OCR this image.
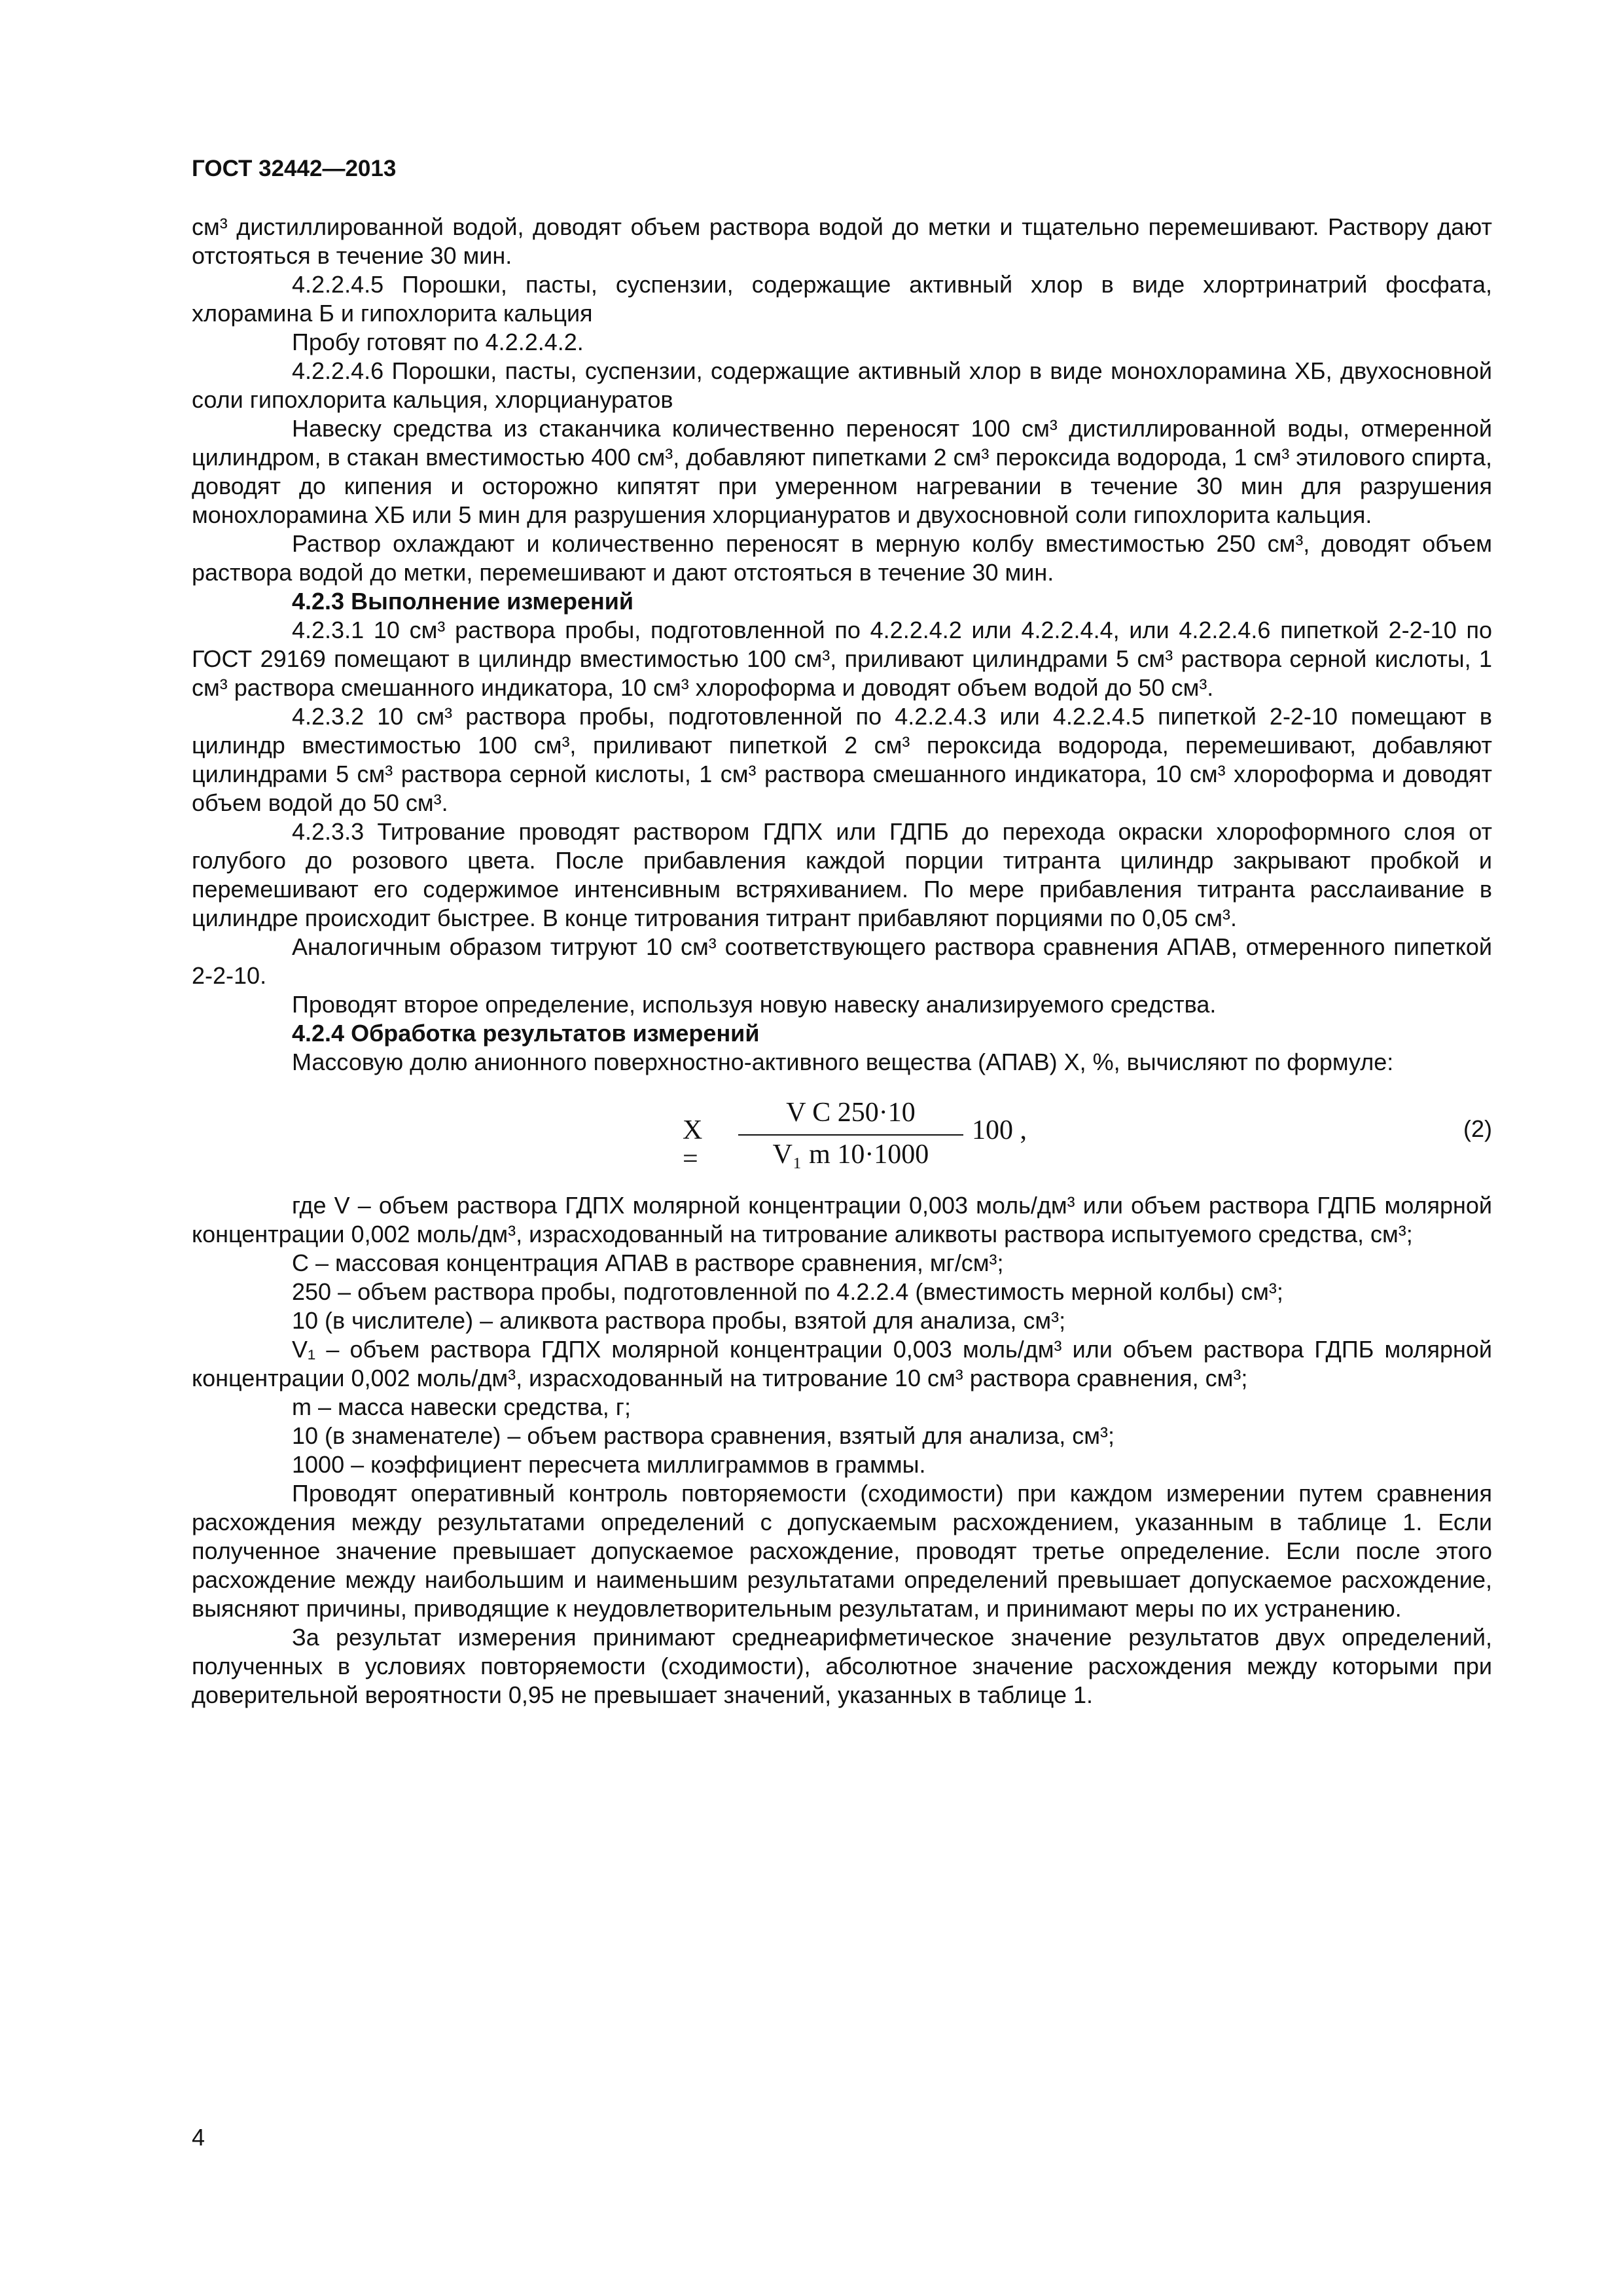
ГОСТ 32442—2013

см³ дистиллированной водой, доводят объем раствора водой до метки и тщательно перемешивают. Раствору дают отстояться в течение 30 мин.

4.2.2.4.5 Порошки, пасты, суспензии, содержащие активный хлор в виде хлортринатрий фосфата, хлорамина Б и гипохлорита кальция

Пробу готовят по 4.2.2.4.2.

4.2.2.4.6 Порошки, пасты, суспензии, содержащие активный хлор в виде монохлорамина ХБ, двухосновной соли гипохлорита кальция, хлорциануратов

Навеску средства из стаканчика количественно переносят 100 см³ дистиллированной воды, отмеренной цилиндром, в стакан вместимостью 400 см³, добавляют пипетками 2 см³ пероксида водорода, 1 см³ этилового спирта, доводят до кипения и осторожно кипятят при умеренном нагревании в течение 30 мин для разрушения монохлорамина ХБ или 5 мин для разрушения хлорциануратов и двухосновной соли гипохлорита кальция.

Раствор охлаждают и количественно переносят в мерную колбу вместимостью 250 см³, доводят объем раствора водой до метки, перемешивают и дают отстояться в течение 30 мин.

4.2.3 Выполнение измерений

4.2.3.1 10 см³ раствора пробы, подготовленной по 4.2.2.4.2 или 4.2.2.4.4, или 4.2.2.4.6 пипеткой 2-2-10 по ГОСТ 29169 помещают в цилиндр вместимостью 100 см³, приливают цилиндрами 5 см³ раствора серной кислоты, 1 см³ раствора смешанного индикатора, 10 см³ хлороформа и доводят объем водой до 50 см³.

4.2.3.2 10 см³ раствора пробы, подготовленной по 4.2.2.4.3 или 4.2.2.4.5 пипеткой 2-2-10 помещают в цилиндр вместимостью 100 см³, приливают пипеткой 2 см³ пероксида водорода, перемешивают, добавляют цилиндрами 5 см³ раствора серной кислоты, 1 см³ раствора смешанного индикатора, 10 см³ хлороформа и доводят объем водой до 50 см³.

4.2.3.3 Титрование проводят раствором ГДПХ или ГДПБ до перехода окраски хлороформного слоя от голубого до розового цвета. После прибавления каждой порции титранта цилиндр закрывают пробкой и перемешивают его содержимое интенсивным встряхиванием. По мере прибавления титранта расслаивание в цилиндре происходит быстрее. В конце титрования титрант прибавляют порциями по 0,05 см³.

Аналогичным образом титруют 10 см³ соответствующего раствора сравнения АПАВ, отмеренного пипеткой 2-2-10.

Проводят второе определение, используя новую навеску анализируемого средства.

4.2.4 Обработка результатов измерений

Массовую долю анионного поверхностно-активного вещества (АПАВ) X, %, вычисляют по формуле:

X =
V C 250·10
V₁ m 10·1000
100 ,	(2)

где V – объем раствора ГДПХ молярной концентрации 0,003 моль/дм³ или объем раствора ГДПБ молярной концентрации 0,002 моль/дм³, израсходованный на титрование аликвоты раствора испытуемого средства, см³;

C – массовая концентрация АПАВ в растворе сравнения, мг/см³;

250 – объем раствора пробы, подготовленной по 4.2.2.4 (вместимость мерной колбы) см³;

10 (в числителе) – аликвота раствора пробы, взятой для анализа, см³;

V₁ – объем раствора ГДПХ молярной концентрации 0,003 моль/дм³ или объем раствора ГДПБ молярной концентрации 0,002 моль/дм³, израсходованный на титрование 10 см³ раствора сравнения, см³;

m – масса навески средства, г;

10 (в знаменателе) – объем раствора сравнения, взятый для анализа, см³;

1000 – коэффициент пересчета миллиграммов в граммы.

Проводят оперативный контроль повторяемости (сходимости) при каждом измерении путем сравнения расхождения между результатами определений с допускаемым расхождением, указанным в таблице 1. Если полученное значение превышает допускаемое расхождение, проводят третье определение. Если после этого расхождение между наибольшим и наименьшим результатами определений превышает допускаемое расхождение, выясняют причины, приводящие к неудовлетворительным результатам, и принимают меры по их устранению.

За результат измерения принимают среднеарифметическое значение результатов двух определений, полученных в условиях повторяемости (сходимости), абсолютное значение расхождения между которыми при доверительной вероятности 0,95 не превышает значений, указанных в таблице 1.

4
